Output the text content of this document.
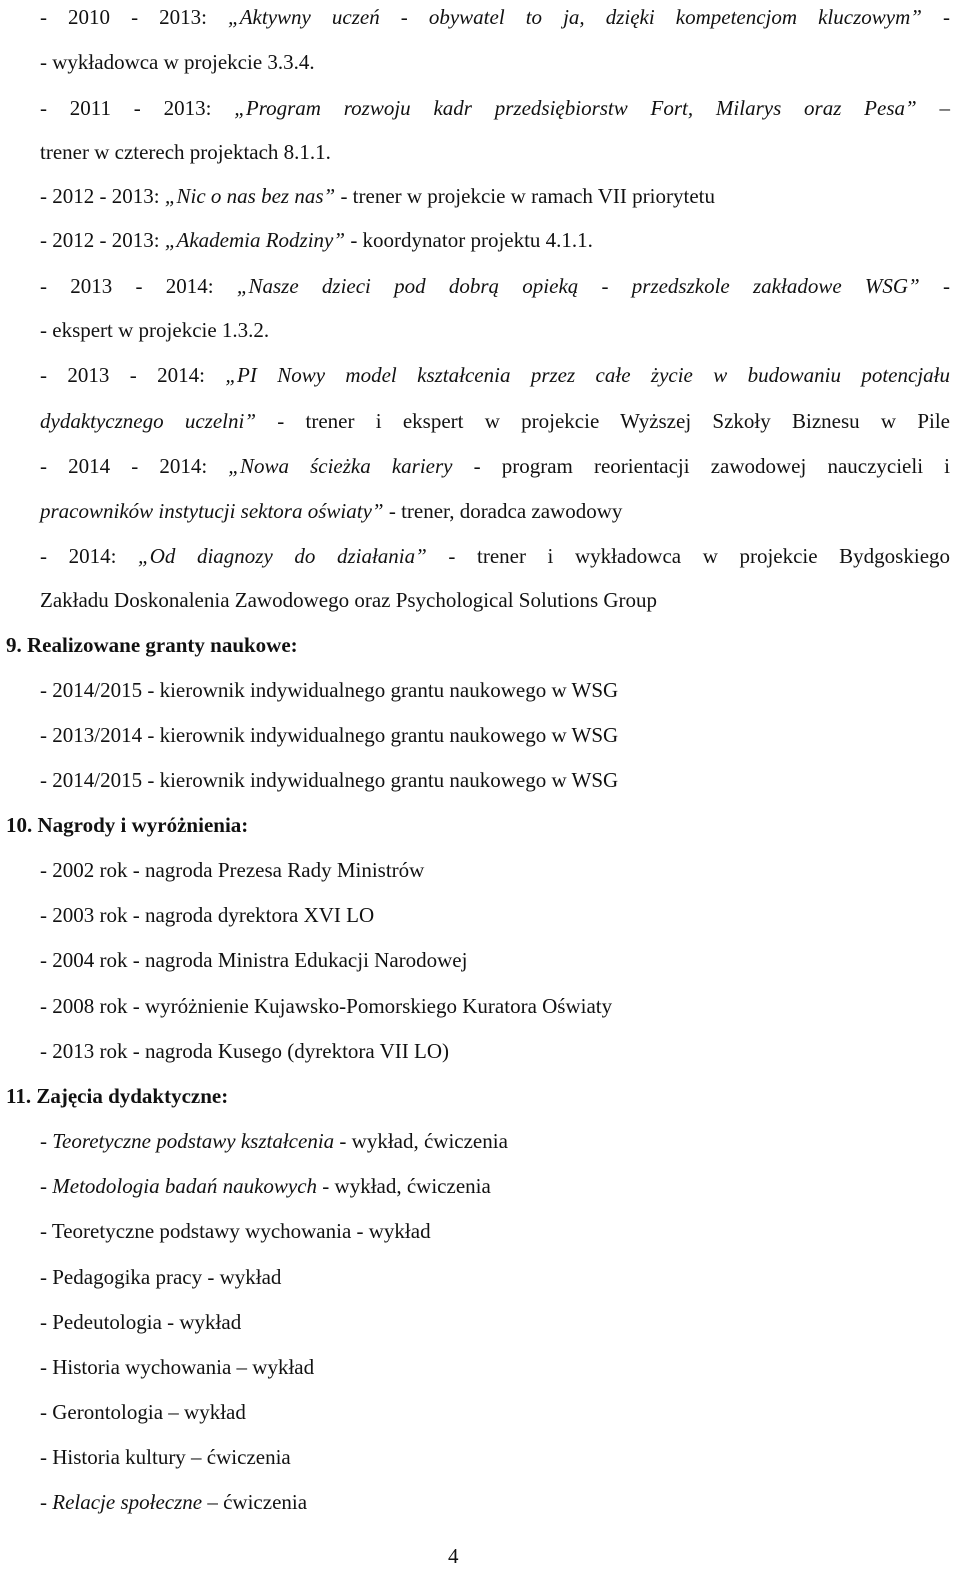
- 2010 - 2013: „Aktywny uczeń - obywatel to ja, dzięki kompetencjom kluczowym” -
- wykładowca w projekcie 3.3.4.
- 2011 - 2013: „Program rozwoju kadr przedsiębiorstw Fort, Milarys oraz Pesa” –
trener w czterech projektach 8.1.1.
- 2012 - 2013: „Nic o nas bez nas” - trener w projekcie w ramach VII priorytetu
- 2012 - 2013: „Akademia Rodziny” - koordynator projektu 4.1.1.
- 2013 - 2014: „Nasze dzieci pod dobrą opieką - przedszkole zakładowe WSG” -
- ekspert w projekcie 1.3.2.
- 2013 - 2014: „PI Nowy model kształcenia przez całe życie w budowaniu potencjału
dydaktycznego uczelni” - trener i ekspert w projekcie Wyższej Szkoły Biznesu w Pile
- 2014 - 2014: „Nowa ścieżka kariery - program reorientacji zawodowej nauczycieli i
pracowników instytucji sektora oświaty” - trener, doradca zawodowy
- 2014: „Od diagnozy do działania” - trener i wykładowca w projekcie Bydgoskiego
Zakładu Doskonalenia Zawodowego oraz Psychological Solutions Group
9. Realizowane granty naukowe:
- 2014/2015 - kierownik indywidualnego grantu naukowego w WSG
- 2013/2014 - kierownik indywidualnego grantu naukowego w WSG
- 2014/2015 - kierownik indywidualnego grantu naukowego w WSG
10. Nagrody i wyróżnienia:
- 2002 rok - nagroda Prezesa Rady Ministrów
- 2003 rok - nagroda dyrektora XVI LO
- 2004 rok - nagroda Ministra Edukacji Narodowej
- 2008 rok - wyróżnienie Kujawsko-Pomorskiego Kuratora Oświaty
- 2013 rok - nagroda Kusego (dyrektora VII LO)
11. Zajęcia dydaktyczne:
- Teoretyczne podstawy kształcenia - wykład, ćwiczenia
- Metodologia badań naukowych - wykład, ćwiczenia
- Teoretyczne podstawy wychowania - wykład
- Pedagogika pracy - wykład
- Pedeutologia - wykład
- Historia wychowania – wykład
- Gerontologia – wykład
- Historia kultury – ćwiczenia
- Relacje społeczne – ćwiczenia
4
